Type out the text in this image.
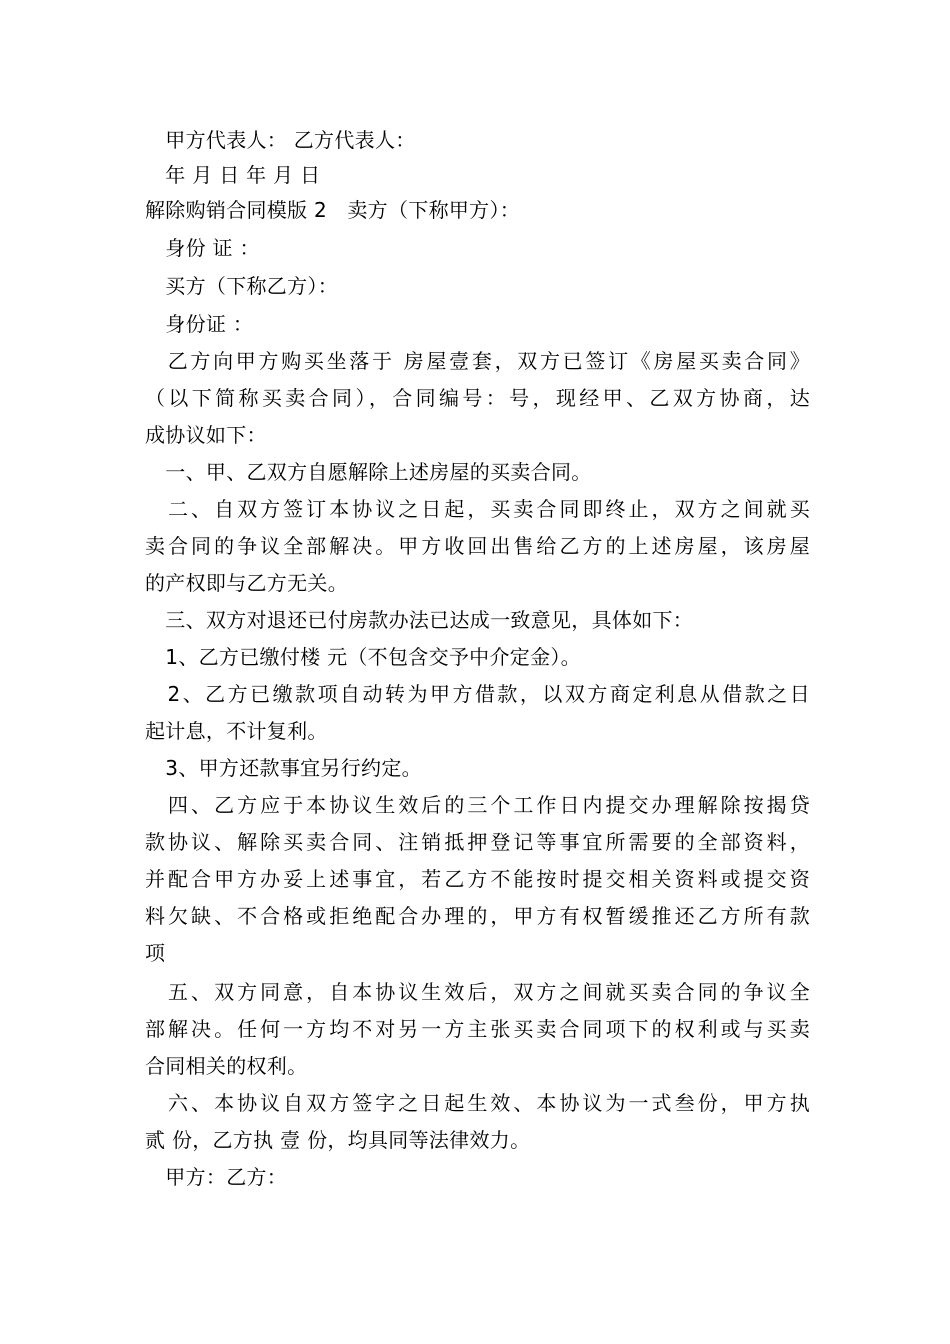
　甲方代表人： 乙方代表人：
　年 月 日 年 月 日
解除购销合同模版 2　卖方（下称甲方）：
　身份 证 ：
　买方（下称乙方）：
　身份证 ：
　乙方向甲方购买坐落于 房屋壹套，双方已签订《房屋买卖合同》
（以下简称买卖合同），合同编号：号，现经甲、乙双方协商，达
成协议如下：
　一、甲、乙双方自愿解除上述房屋的买卖合同。
　二、自双方签订本协议之日起，买卖合同即终止，双方之间就买
卖合同的争议全部解决。甲方收回出售给乙方的上述房屋，该房屋
的产权即与乙方无关。
　三、双方对退还已付房款办法已达成一致意见，具体如下：
　1、乙方已缴付楼 元（不包含交予中介定金）。
　2、乙方已缴款项自动转为甲方借款，以双方商定利息从借款之日
起计息，不计复利。
　3、甲方还款事宜另行约定。
　四、乙方应于本协议生效后的三个工作日内提交办理解除按揭贷
款协议、解除买卖合同、注销抵押登记等事宜所需要的全部资料，
并配合甲方办妥上述事宜，若乙方不能按时提交相关资料或提交资
料欠缺、不合格或拒绝配合办理的，甲方有权暂缓推还乙方所有款
项
　五、双方同意，自本协议生效后，双方之间就买卖合同的争议全
部解决。任何一方均不对另一方主张买卖合同项下的权利或与买卖
合同相关的权利。
　六、本协议自双方签字之日起生效、本协议为一式叁份，甲方执
贰 份，乙方执 壹 份，均具同等法律效力。
　甲方：乙方：
